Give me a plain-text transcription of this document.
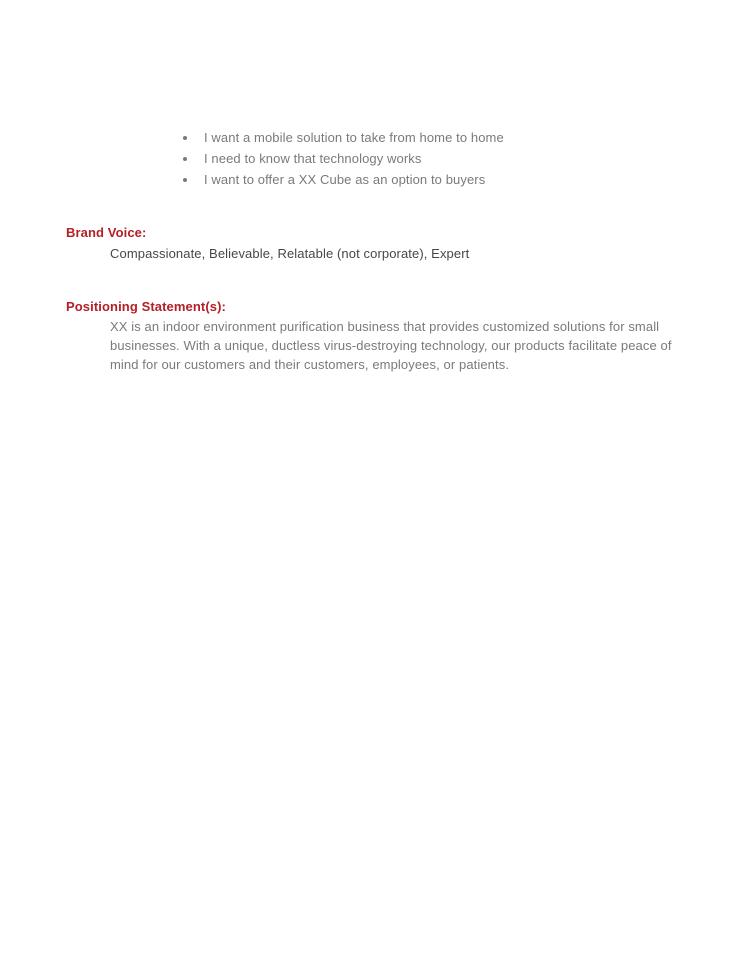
I want a mobile solution to take from home to home
I need to know that technology works
I want to offer a XX Cube as an option to buyers
Brand Voice:

Compassionate, Believable, Relatable (not corporate), Expert

Positioning Statement(s):

XX is an indoor environment purification business that provides customized solutions for small businesses. With a unique, ductless virus-destroying technology, our products facilitate peace of mind for our customers and their customers, employees, or patients.
